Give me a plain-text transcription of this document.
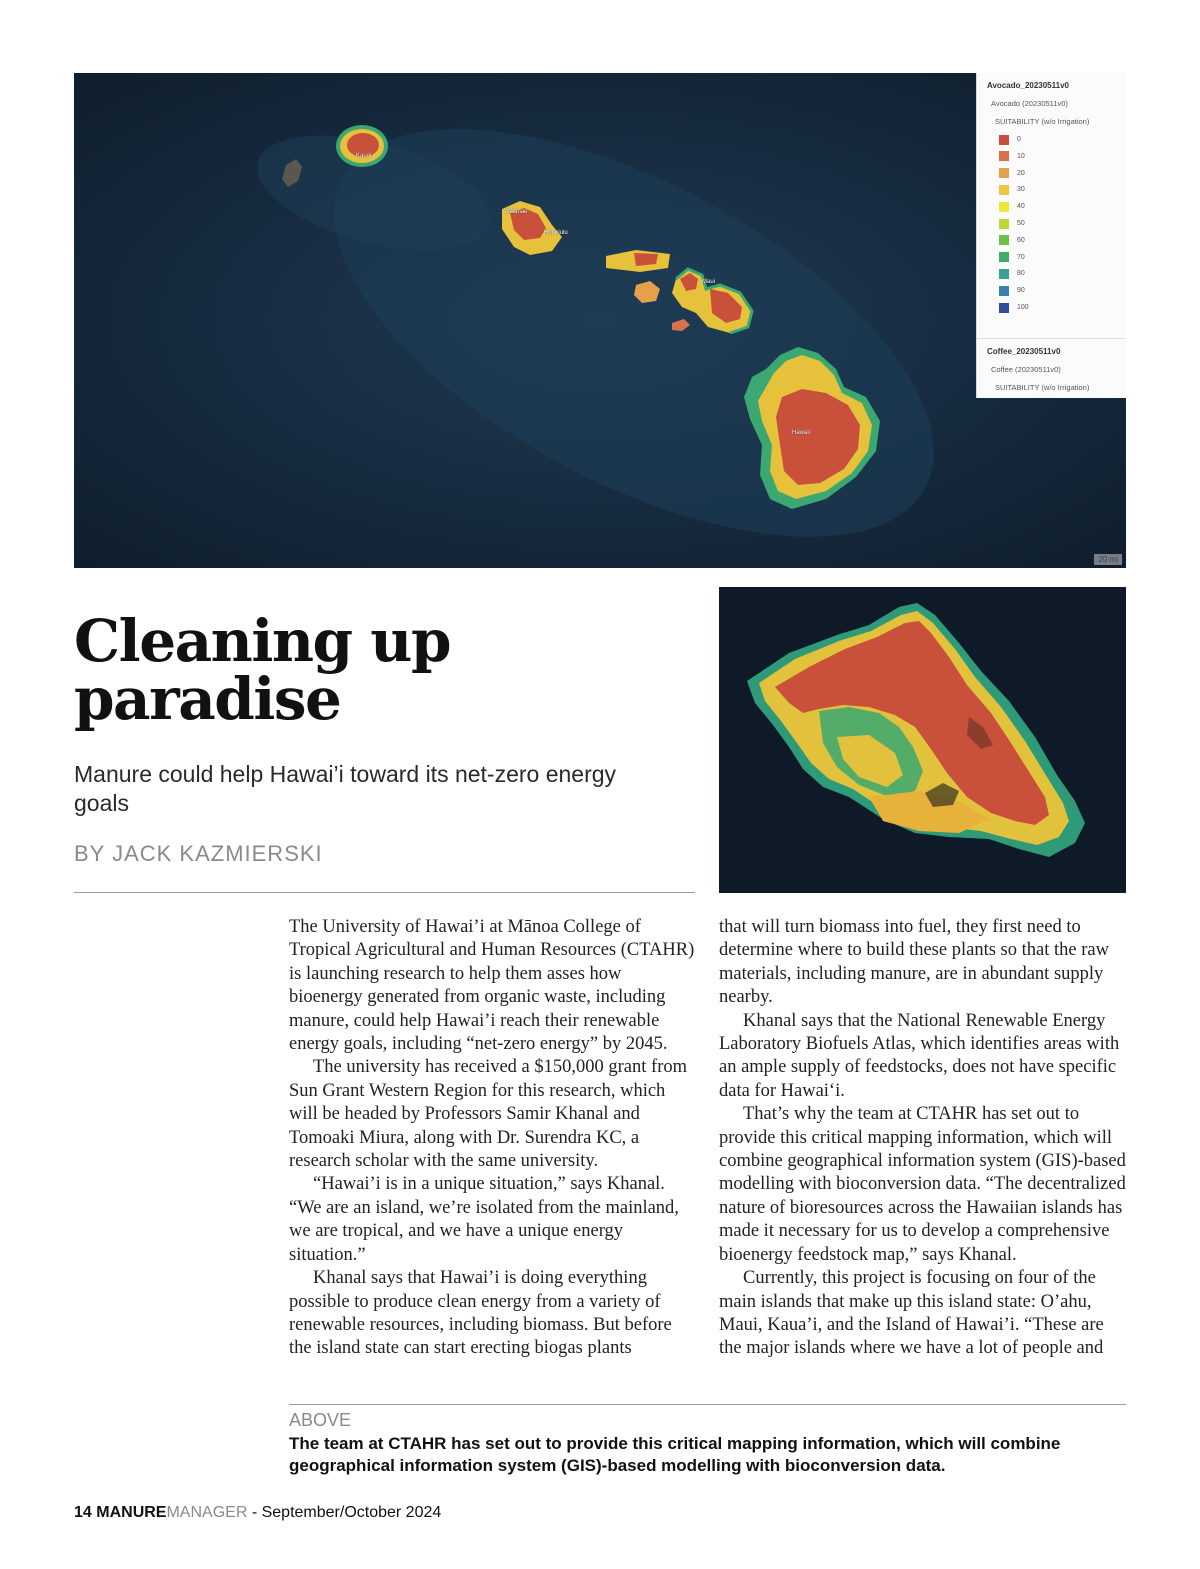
Kauai
Waianae
Honolulu
Maui
Hawaii
Avocado_20230511v0
Avocado (20230511v0)
SUITABILITY (w/o Irrigation)
0
10
20
30
40
50
60
70
80
90
100
Coffee_20230511v0
Coffee (20230511v0)
SUITABILITY (w/o Irrigation)
20 mi
Cleaning up paradise
Manure could help Hawai’i toward its net-zero energy goals
BY JACK KAZMIERSKI

The University of Hawai’i at Mānoa College of Tropical Agricultural and Human Resources (CTAHR) is launching research to help them asses how bioenergy generated from organic waste, including manure, could help Hawai’i reach their renewable energy goals, including “net-zero energy” by 2045.

The university has received a $150,000 grant from Sun Grant Western Region for this research, which will be headed by Professors Samir Khanal and Tomoaki Miura, along with Dr. Surendra KC, a research scholar with the same university.

“Hawai’i is in a unique situation,” says Khanal. “We are an island, we’re isolated from the mainland, we are tropical, and we have a unique energy situation.”

Khanal says that Hawai’i is doing everything possible to produce clean energy from a variety of renewable resources, including biomass. But before the island state can start erecting biogas plants

that will turn biomass into fuel, they first need to determine where to build these plants so that the raw materials, including manure, are in abundant supply nearby.

Khanal says that the National Renewable Energy Laboratory Biofuels Atlas, which identifies areas with an ample supply of feedstocks, does not have specific data for Hawaiʻi.

That’s why the team at CTAHR has set out to provide this critical mapping information, which will combine geographical information system (GIS)-based modelling with bioconversion data. “The decentralized nature of bioresources across the Hawaiian islands has made it necessary for us to develop a comprehensive bioenergy feedstock map,” says Khanal.

Currently, this project is focusing on four of the main islands that make up this island state: O’ahu, Maui, Kaua’i, and the Island of Hawai’i. “These are the major islands where we have a lot of people and

ABOVE
The team at CTAHR has set out to provide this critical mapping information, which will combine geographical information system (GIS)-based modelling with bioconversion data.
14 MANUREMANAGER - September/October 2024
